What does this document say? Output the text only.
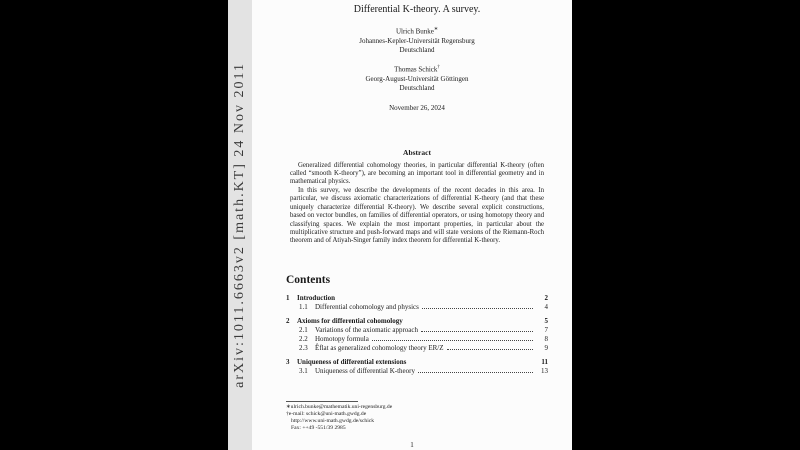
arXiv:1011.6663v2 [math.KT] 24 Nov 2011
Differential K-theory. A survey.
Ulrich Bunke∗
Johannes-Kepler-Universität Regensburg
Deutschland
Thomas Schick†
Georg-August-Universität Göttingen
Deutschland
November 26, 2024
Abstract

Generalized differential cohomology theories, in particular differential K-theory (often called “smooth K-theory”), are becoming an important tool in differential geometry and in mathematical physics.

In this survey, we describe the developments of the recent decades in this area. In particular, we discuss axiomatic characterizations of differential K-theory (and that these uniquely characterize differential K-theory). We describe several explicit constructions, based on vector bundles, on families of differential operators, or using homotopy theory and classifying spaces. We explain the most important properties, in particular about the multiplicative structure and push-forward maps and will state versions of the Riemann-Roch theorem and of Atiyah-Singer family index theorem for differential K-theory.

Contents
1	Introduction	2
1.1	Differential cohomology and physics	4
2	Axioms for differential cohomology	5
2.1	Variations of the axiomatic approach	7
2.2	Homotopy formula	8
2.3	Êflat as generalized cohomology theory ER/Z	9
3	Uniqueness of differential extensions	11
3.1	Uniqueness of differential K-theory	13
∗ulrich.bunke@mathematik.uni-regensburg.de
†e-mail: schick@uni-math.gwdg.de
http://www.uni-math.gwdg.de/schick
Fax: ++49 -551/39 2985
1
